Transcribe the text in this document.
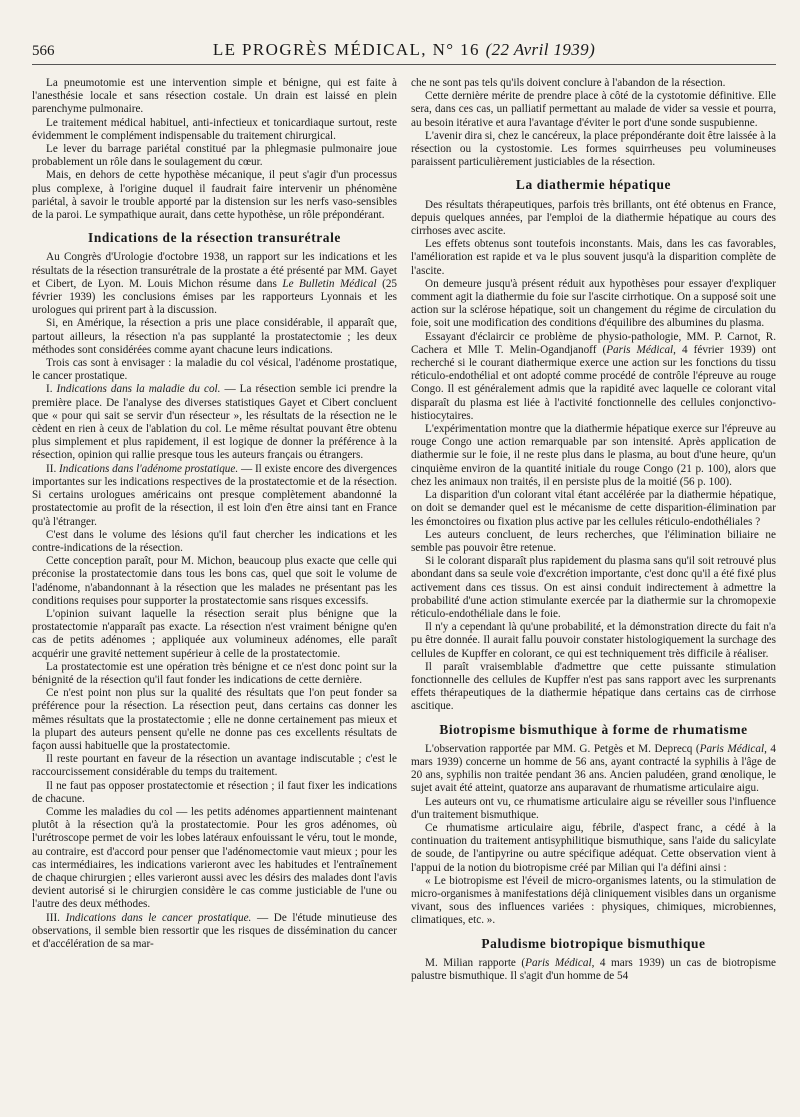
566	LE PROGRÈS MÉDICAL, N° 16 (22 Avril 1939)

La pneumotomie est une intervention simple et bénigne, qui est faite à l'anesthésie locale et sans résection costale. Un drain est laissé en plein parenchyme pulmonaire.

Le traitement médical habituel, anti-infectieux et tonicardiaque surtout, reste évidemment le complément indispensable du traitement chirurgical.

Le lever du barrage pariétal constitué par la phlegmasie pulmonaire joue probablement un rôle dans le soulagement du cœur.

Mais, en dehors de cette hypothèse mécanique, il peut s'agir d'un processus plus complexe, à l'origine duquel il faudrait faire intervenir un phénomène pariétal, à savoir le trouble apporté par la distension sur les nerfs vaso-sensibles de la paroi. Le sympathique aurait, dans cette hypothèse, un rôle prépondérant.

Indications de la résection transurétrale

Au Congrès d'Urologie d'octobre 1938, un rapport sur les indications et les résultats de la résection transurétrale de la prostate a été présenté par MM. Gayet et Cibert, de Lyon. M. Louis Michon résume dans Le Bulletin Médical (25 février 1939) les conclusions émises par les rapporteurs Lyonnais et les urologues qui prirent part à la discussion.

Si, en Amérique, la résection a pris une place considérable, il apparaît que, partout ailleurs, la résection n'a pas supplanté la prostatectomie ; les deux méthodes sont considérées comme ayant chacune leurs indications.

Trois cas sont à envisager : la maladie du col vésical, l'adénome prostatique, le cancer prostatique.

I. Indications dans la maladie du col. — La résection semble ici prendre la première place. De l'analyse des diverses statistiques Gayet et Cibert concluent que « pour qui sait se servir d'un résecteur », les résultats de la résection ne le cèdent en rien à ceux de l'ablation du col. Le même résultat pouvant être obtenu plus simplement et plus rapidement, il est logique de donner la préférence à la résection, opinion qui rallie presque tous les auteurs français ou étrangers.

II. Indications dans l'adénome prostatique. — Il existe encore des divergences importantes sur les indications respectives de la prostatectomie et de la résection. Si certains urologues américains ont presque complètement abandonné la prostatectomie au profit de la résection, il est loin d'en être ainsi tant en France qu'à l'étranger.

C'est dans le volume des lésions qu'il faut chercher les indications et les contre-indications de la résection.

Cette conception paraît, pour M. Michon, beaucoup plus exacte que celle qui préconise la prostatectomie dans tous les bons cas, quel que soit le volume de l'adénome, n'abandonnant à la résection que les malades ne présentant pas les conditions requises pour supporter la prostatectomie sans risques excessifs.

L'opinion suivant laquelle la résection serait plus bénigne que la prostatectomie n'apparaît pas exacte. La résection n'est vraiment bénigne qu'en cas de petits adénomes ; appliquée aux volumineux adénomes, elle paraît acquérir une gravité nettement supérieur à celle de la prostatectomie.

La prostatectomie est une opération très bénigne et ce n'est donc point sur la bénignité de la résection qu'il faut fonder les indications de cette dernière.

Ce n'est point non plus sur la qualité des résultats que l'on peut fonder sa préférence pour la résection. La résection peut, dans certains cas donner les mêmes résultats que la prostatectomie ; elle ne donne certainement pas mieux et la plupart des auteurs pensent qu'elle ne donne pas ces excellents résultats de façon aussi habituelle que la prostatectomie.

Il reste pourtant en faveur de la résection un avantage indiscutable ; c'est le raccourcissement considérable du temps du traitement.

Il ne faut pas opposer prostatectomie et résection ; il faut fixer les indications de chacune.

Comme les maladies du col — les petits adénomes appartiennent maintenant plutôt à la résection qu'à la prostatectomie. Pour les gros adénomes, où l'urétroscope permet de voir les lobes latéraux enfouissant le véru, tout le monde, au contraire, est d'accord pour penser que l'adénomectomie vaut mieux ; pour les cas intermédiaires, les indications varieront avec les habitudes et l'entraînement de chaque chirurgien ; elles varieront aussi avec les désirs des malades dont l'avis devient autorisé si le chirurgien considère le cas comme justiciable de l'une ou l'autre des deux méthodes.

III. Indications dans le cancer prostatique. — De l'étude minutieuse des observations, il semble bien ressortir que les risques de dissémination du cancer et d'accélération de sa mar-

che ne sont pas tels qu'ils doivent conclure à l'abandon de la résection.

Cette dernière mérite de prendre place à côté de la cystotomie définitive. Elle sera, dans ces cas, un palliatif permettant au malade de vider sa vessie et pourra, au besoin itérative et aura l'avantage d'éviter le port d'une sonde suspubienne.

L'avenir dira si, chez le cancéreux, la place prépondérante doit être laissée à la résection ou la cystostomie. Les formes squirrheuses peu volumineuses paraissent particulièrement justiciables de la résection.

La diathermie hépatique

Des résultats thérapeutiques, parfois très brillants, ont été obtenus en France, depuis quelques années, par l'emploi de la diathermie hépatique au cours des cirrhoses avec ascite.

Les effets obtenus sont toutefois inconstants. Mais, dans les cas favorables, l'amélioration est rapide et va le plus souvent jusqu'à la disparition complète de l'ascite.

On demeure jusqu'à présent réduit aux hypothèses pour essayer d'expliquer comment agit la diathermie du foie sur l'ascite cirrhotique. On a supposé soit une action sur la sclérose hépatique, soit un changement du régime de circulation du foie, soit une modification des conditions d'équilibre des albumines du plasma.

Essayant d'éclaircir ce problème de physio-pathologie, MM. P. Carnot, R. Cachera et Mlle T. Melin-Ogandjanoff (Paris Médical, 4 février 1939) ont recherché si le courant diathermique exerce une action sur les fonctions du tissu réticulo-endothélial et ont adopté comme procédé de contrôle l'épreuve au rouge Congo. Il est généralement admis que la rapidité avec laquelle ce colorant vital disparaît du plasma est liée à l'activité fonctionnelle des cellules conjonctivo-histiocytaires.

L'expérimentation montre que la diathermie hépatique exerce sur l'épreuve au rouge Congo une action remarquable par son intensité. Après application de diathermie sur le foie, il ne reste plus dans le plasma, au bout d'une heure, qu'un cinquième environ de la quantité initiale du rouge Congo (21 p. 100), alors que chez les animaux non traités, il en persiste plus de la moitié (56 p. 100).

La disparition d'un colorant vital étant accélérée par la diathermie hépatique, on doit se demander quel est le mécanisme de cette disparition-élimination par les émonctoires ou fixation plus active par les cellules réticulo-endothéliales ?

Les auteurs concluent, de leurs recherches, que l'élimination biliaire ne semble pas pouvoir être retenue.

Si le colorant disparaît plus rapidement du plasma sans qu'il soit retrouvé plus abondant dans sa seule voie d'excrétion importante, c'est donc qu'il a été fixé plus activement dans ces tissus. On est ainsi conduit indirectement à admettre la probabilité d'une action stimulante exercée par la diathermie sur la chromopexie réticulo-endothéliale dans le foie.

Il n'y a cependant là qu'une probabilité, et la démonstration directe du fait n'a pu être donnée. Il aurait fallu pouvoir constater histologiquement la surchage des cellules de Kupffer en colorant, ce qui est techniquement très difficile à réaliser.

Il paraît vraisemblable d'admettre que cette puissante stimulation fonctionnelle des cellules de Kupffer n'est pas sans rapport avec les surprenants effets thérapeutiques de la diathermie hépatique dans certains cas de cirrhose ascitique.

Biotropisme bismuthique à forme de rhumatisme

L'observation rapportée par MM. G. Petgès et M. Deprecq (Paris Médical, 4 mars 1939) concerne un homme de 56 ans, ayant contracté la syphilis à l'âge de 20 ans, syphilis non traitée pendant 36 ans. Ancien paludéen, grand œnolique, le sujet avait été atteint, quatorze ans auparavant de rhumatisme articulaire aigu.

Les auteurs ont vu, ce rhumatisme articulaire aigu se réveiller sous l'influence d'un traitement bismuthique.

Ce rhumatisme articulaire aigu, fébrile, d'aspect franc, a cédé à la continuation du traitement antisyphilitique bismuthique, sans l'aide du salicylate de soude, de l'antipyrine ou autre spécifique adéquat. Cette observation vient à l'appui de la notion du biotropisme créé par Milian qui l'a défini ainsi :

« Le biotropisme est l'éveil de micro-organismes latents, ou la stimulation de micro-organismes à manifestations déjà cliniquement visibles dans un organisme vivant, sous des influences variées : physiques, chimiques, microbiennes, climatiques, etc. ».

Paludisme biotropique bismuthique

M. Milian rapporte (Paris Médical, 4 mars 1939) un cas de biotropisme palustre bismuthique. Il s'agit d'un homme de 54
